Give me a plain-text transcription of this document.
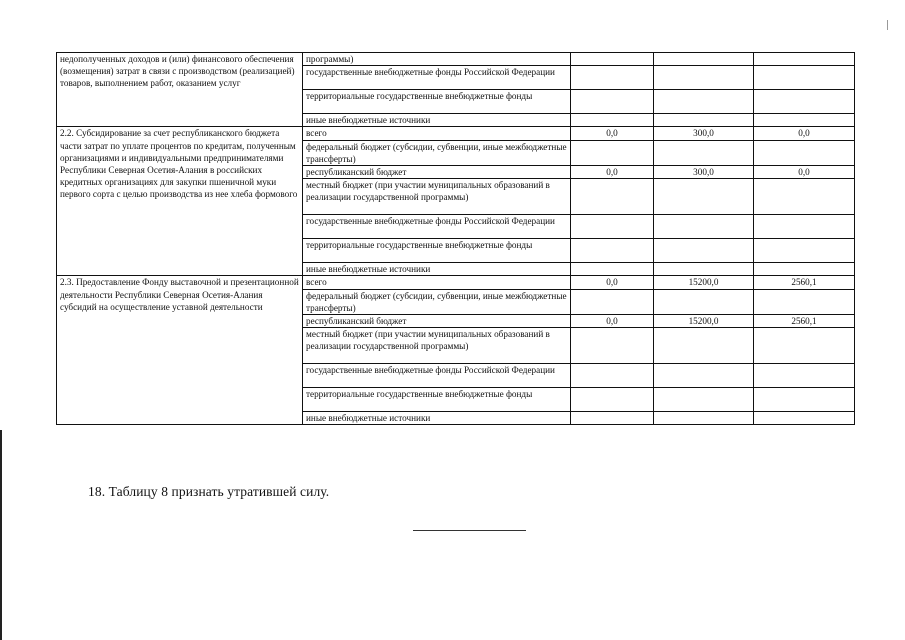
недополученных доходов и (или) финансового обеспечения (возмещения) затрат в связи с производством (реализацией) товаров, выполнением работ, оказанием услуг	программы)			
	государственные внебюджетные фонды Российской Федерации			
	территориальные государственные внебюджетные фонды			
	иные внебюджетные источники			
2.2. Субсидирование за счет республиканского бюджета части затрат по уплате процентов по кредитам, полученным организациями и индивидуальными предпринимателями Республики Северная Осетия-Алания в российских кредитных организациях для закупки пшеничной муки первого сорта с целью производства из нее хлеба формового	всего	0,0	300,0	0,0
	федеральный бюджет (субсидии, субвенции, иные межбюджетные трансферты)			
	республиканский бюджет	0,0	300,0	0,0
	местный бюджет (при участии муниципальных образований в реализации государственной программы)			
	государственные внебюджетные фонды Российской Федерации			
	территориальные государственные внебюджетные фонды			
	иные внебюджетные источники			
2.3. Предоставление Фонду выставочной и презентационной деятельности Республики Северная Осетия-Алания субсидий на осуществление уставной деятельности	всего	0,0	15200,0	2560,1
	федеральный бюджет (субсидии, субвенции, иные межбюджетные трансферты)			
	республиканский бюджет	0,0	15200,0	2560,1
	местный бюджет (при участии муниципальных образований в реализации государственной программы)			
	государственные внебюджетные фонды Российской Федерации			
	территориальные государственные внебюджетные фонды			
	иные внебюджетные источники			
18. Таблицу 8 признать утратившей силу.
